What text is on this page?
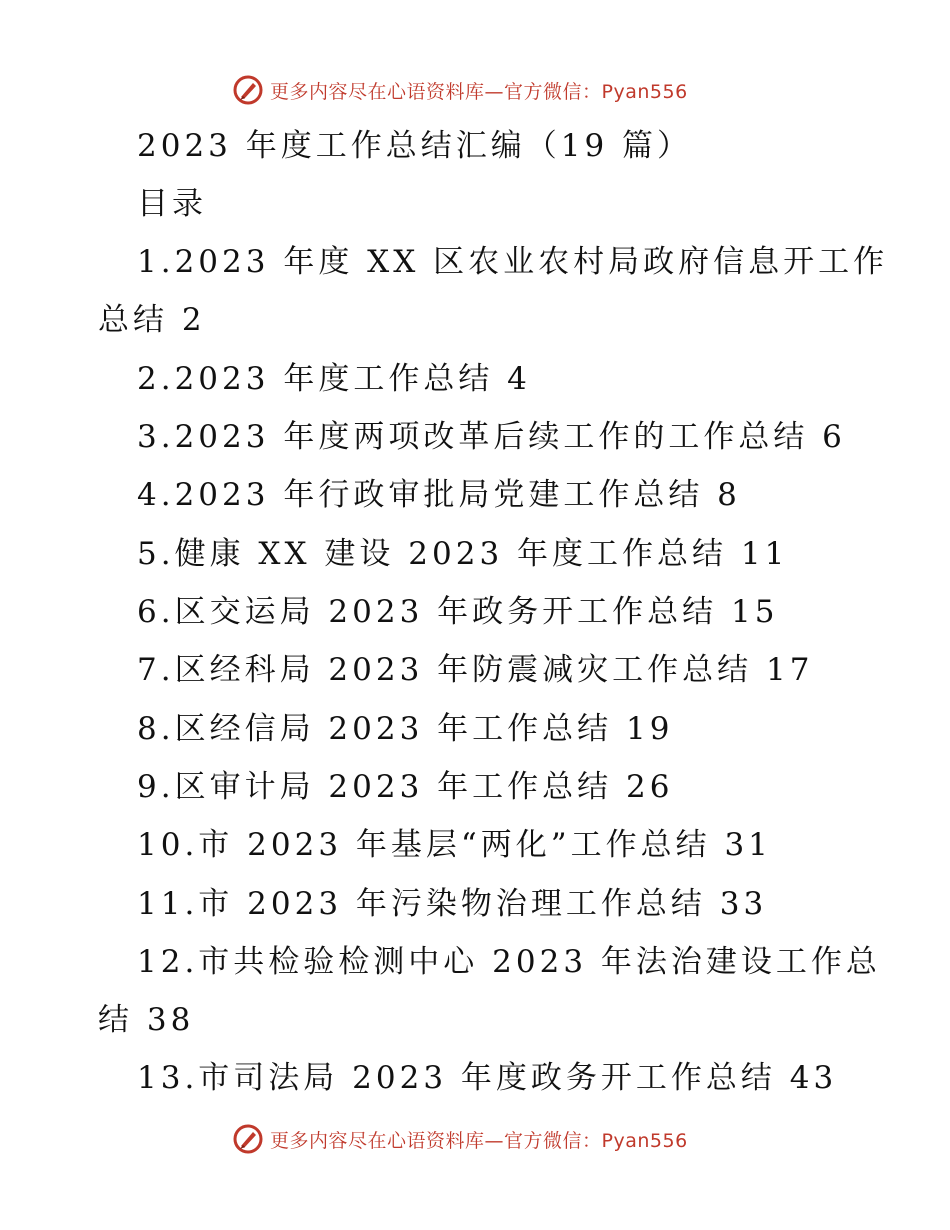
更多内容尽在心语资料库—官方微信：Pyan556
2023 年度工作总结汇编（19 篇）
目录
1.2023 年度 XX 区农业农村局政府信息开工作
总结 2
2.2023 年度工作总结 4
3.2023 年度两项改革后续工作的工作总结 6
4.2023 年行政审批局党建工作总结 8
5.健康 XX 建设 2023 年度工作总结 11
6.区交运局 2023 年政务开工作总结 15
7.区经科局 2023 年防震减灾工作总结 17
8.区经信局 2023 年工作总结 19
9.区审计局 2023 年工作总结 26
10.市 2023 年基层“两化”工作总结 31
11.市 2023 年污染物治理工作总结 33
12.市共检验检测中心 2023 年法治建设工作总
结 38
13.市司法局 2023 年度政务开工作总结 43
更多内容尽在心语资料库—官方微信：Pyan556
